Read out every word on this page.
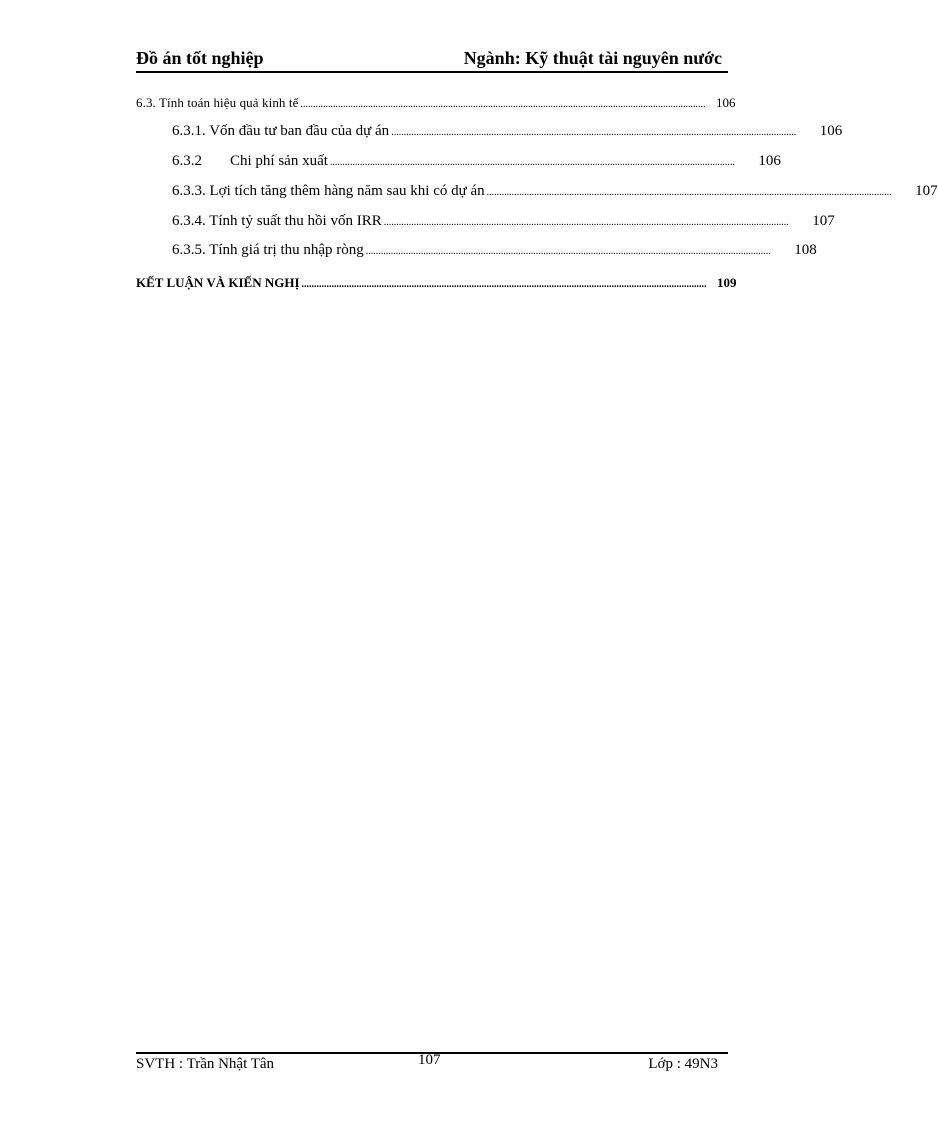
Đồ án tốt nghiệp	Ngành: Kỹ thuật tài nguyên nước
6.3. Tính toán hiệu quả kinh tế .................................................................................................................................................................. 106
6.3.1. Vốn đầu tư ban đầu của dự án ..................................................................................................................................................................	106
6.3.2 Chi phí sản xuất ..................................................................................................................................................................	106
6.3.3. Lợi tích tăng thêm hàng năm sau khi có dự án ..................................................................................................................................................................	107
6.3.4. Tính tỷ suất thu hồi vốn IRR ..................................................................................................................................................................	107
6.3.5. Tính giá trị thu nhập ròng ..................................................................................................................................................................	108
KẾT LUẬN VÀ KIẾN NGHỊ .................................................................................................................................................................. 109
SVTH : Trần Nhật Tân	107	Lớp : 49N3
